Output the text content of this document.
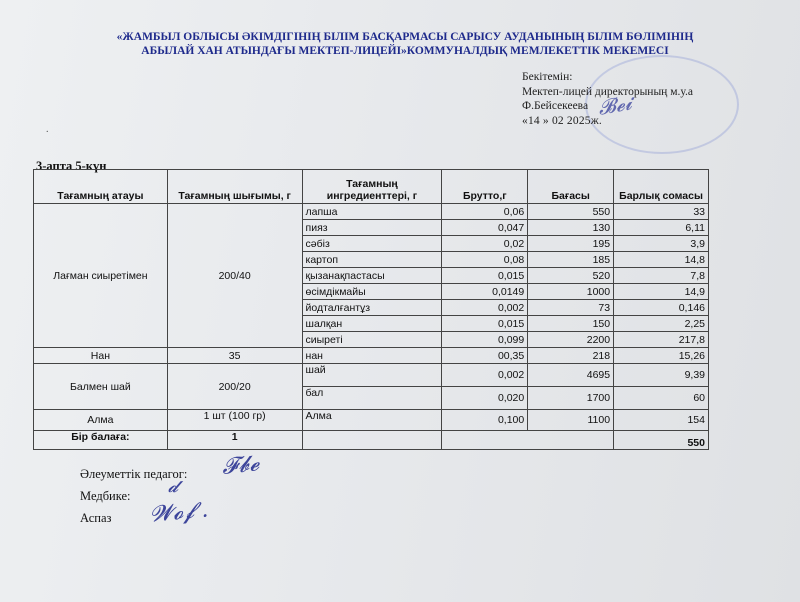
«ЖАМБЫЛ ОБЛЫСЫ ӘКІМДІГІНІҢ БІЛІМ БАСҚАРМАСЫ САРЫСУ АУДАНЫНЫҢ БІЛІМ БӨЛІМІНІҢ
АБЫЛАЙ ХАН АТЫНДАҒЫ МЕКТЕП-ЛИЦЕЙІ»КОММУНАЛДЫҚ МЕМЛЕКЕТТІК МЕКЕМЕСІ
Бекітемін:
Мектеп-лицей директорының м.у.а
Ф.Бейсекеева
«14 » 02 2025ж.
𝓑𝓮𝓲
.
3-апта 5-күн
Тағамның атауы	Тағамның шығымы, г	Тағамның ингредиенттері, г	Брутто,г	Бағасы	Барлық сомасы
Лағман сиыретімен	200/40	лапша	0,06	550	33
		пияз	0,047	130	6,11
		сәбіз	0,02	195	3,9
		картоп	0,08	185	14,8
		қызанақпастасы	0,015	520	7,8
		өсімдікмайы	0,0149	1000	14,9
		йодталғантұз	0,002	73	0,146
		шалқан	0,015	150	2,25
		сиыреті	0,099	2200	217,8
Нан	35	нан	00,35	218	15,26
Балмен шай	200/20	шай	0,002	4695	9,39
		бал	0,020	1700	60
Алма	1 шт (100 гр)	Алма	0,100	1100	154
Бір балаға:	1				550
Әлеуметтік педагог:
Медбике:
Аспаз
𝓕𝓫𝓮
𝓭
𝓦𝓸𝓯 .
